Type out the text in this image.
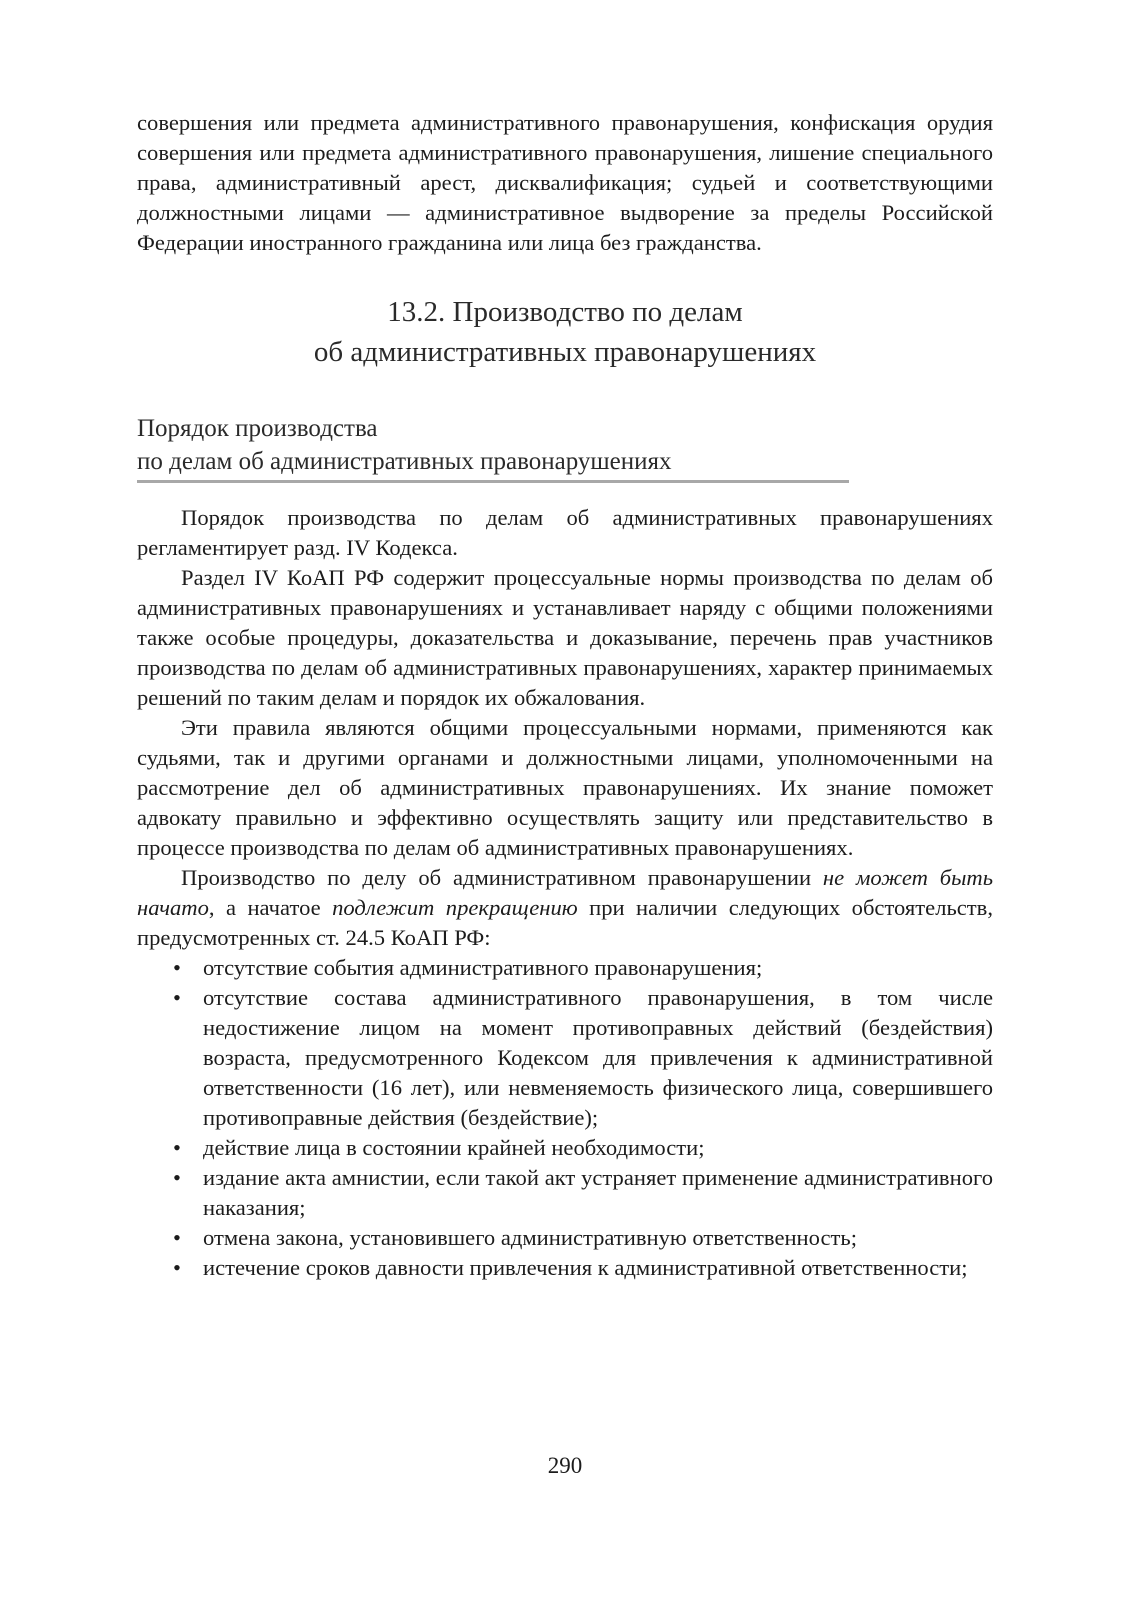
совершения или предмета административного правонарушения, конфискация орудия совершения или предмета административного правонарушения, лишение специального права, административный арест, дисквалификация; судьей и соответствующими должностными лицами — административное выдворение за пределы Российской Федерации иностранного гражданина или лица без гражданства.

13.2. Производство по делам
об административных правонарушениях
Порядок производства
по делам об административных правонарушениях

Порядок производства по делам об административных правонарушениях регламентирует разд. IV Кодекса.

Раздел IV КоАП РФ содержит процессуальные нормы производства по делам об административных правонарушениях и устанавливает наряду с общими положениями также особые процедуры, доказательства и доказывание, перечень прав участников производства по делам об административных правонарушениях, характер принимаемых решений по таким делам и порядок их обжалования.

Эти правила являются общими процессуальными нормами, применяются как судьями, так и другими органами и должностными лицами, уполномоченными на рассмотрение дел об административных правонарушениях. Их знание поможет адвокату правильно и эффективно осуществлять защиту или представительство в процессе производства по делам об административных правонарушениях.

Производство по делу об административном правонарушении не может быть начато, а начатое подлежит прекращению при наличии следующих обстоятельств, предусмотренных ст. 24.5 КоАП РФ:

• отсутствие события административного правонарушения;
• отсутствие состава административного правонарушения, в том числе недостижение лицом на момент противоправных действий (бездействия) возраста, предусмотренного Кодексом для привлечения к административной ответственности (16 лет), или невменяемость физического лица, совершившего противоправные действия (бездействие);
• действие лица в состоянии крайней необходимости;
• издание акта амнистии, если такой акт устраняет применение административного наказания;
• отмена закона, установившего административную ответственность;
• истечение сроков давности привлечения к административной ответственности;
290
